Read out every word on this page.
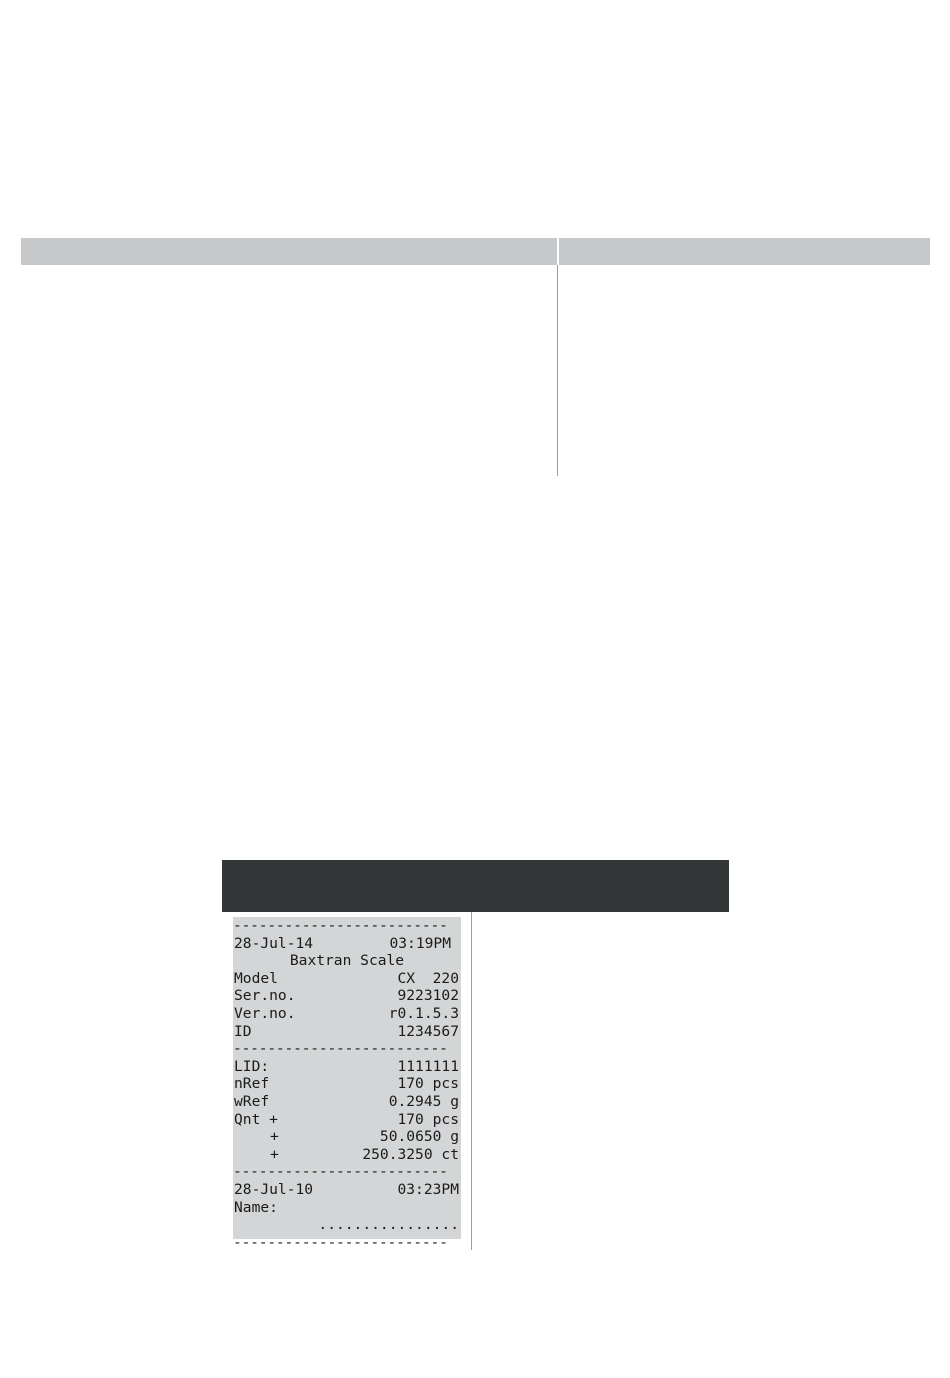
-------------------------

28-Jul-14

	03:19PM

Baxtran Scale

Model

	CX  220

Ser.no.

	9223102

Ver.no.

	r0.1.5.3

ID

	1234567

-------------------------

LID:

	1111111

nRef

	170 pcs

wRef

	0.2945 g

Qnt +

	170 pcs

+

	50.0650 g

+

	250.3250 ct

-------------------------

28-Jul-10

	03:23PM

Name:

................

-------------------------
